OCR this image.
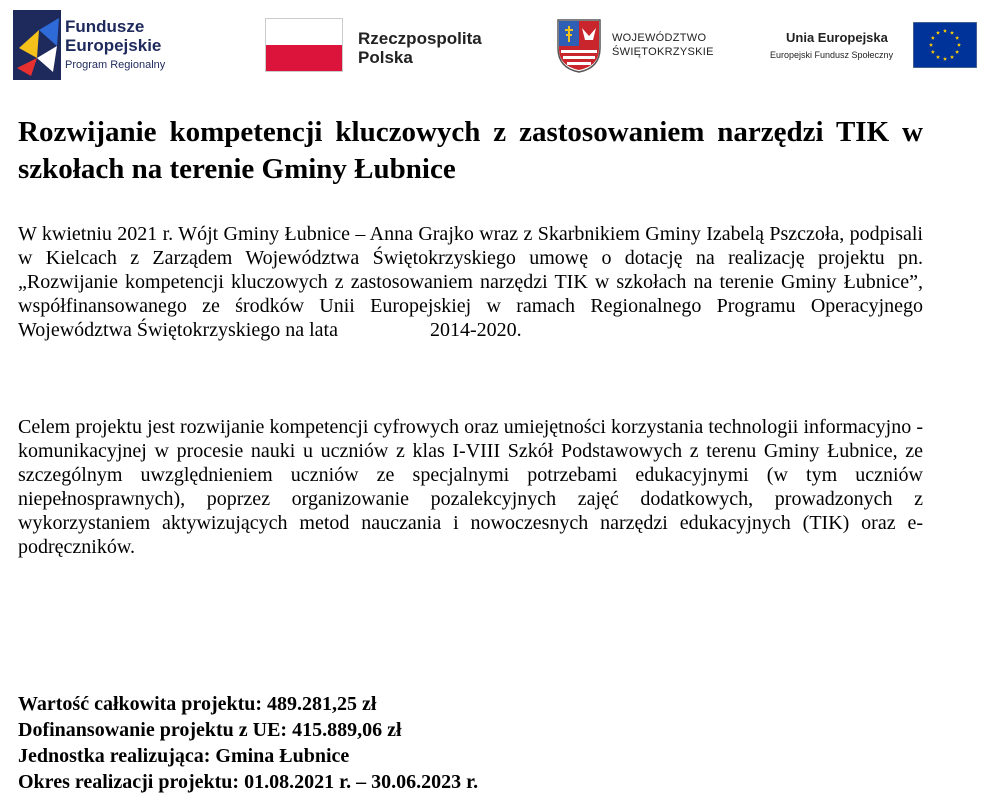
Fundusze
Europejskie
Program Regionalny
Rzeczpospolita
Polska
WOJEWÓDZTWO
ŚWIĘTOKRZYSKIE
Unia Europejska
Europejski Fundusz Społeczny
Rozwijanie kompetencji kluczowych z zastosowaniem narzędzi TIK w szkołach na terenie Gminy Łubnice

W kwietniu 2021 r. Wójt Gminy Łubnice – Anna Grajko wraz z Skarbnikiem Gminy Izabelą Pszczoła, podpisali w Kielcach z Zarządem Województwa Świętokrzyskiego umowę o dotację na realizację projektu pn. „Rozwijanie kompetencji kluczowych z zastosowaniem narzędzi TIK w szkołach na terenie Gminy Łubnice”, współfinansowanego ze środków Unii Europejskiej w ramach Regionalnego Programu Operacyjnego Województwa Świętokrzyskiego na lata	2014-2020.

Celem projektu jest rozwijanie kompetencji cyfrowych oraz umiejętności korzystania technologii informacyjno - komunikacyjnej w procesie nauki u uczniów z klas I-VIII Szkół Podstawowych z terenu Gminy Łubnice, ze szczególnym uwzględnieniem uczniów ze specjalnymi potrzebami edukacyjnymi (w tym uczniów niepełnosprawnych), poprzez organizowanie pozalekcyjnych zajęć dodatkowych, prowadzonych z wykorzystaniem aktywizujących metod nauczania i nowoczesnych narzędzi edukacyjnych (TIK) oraz e-podręczników.

Wartość całkowita projektu: 489.281,25 zł
Dofinansowanie projektu z UE: 415.889,06 zł
Jednostka realizująca: Gmina Łubnice
Okres realizacji projektu: 01.08.2021 r. – 30.06.2023 r.
